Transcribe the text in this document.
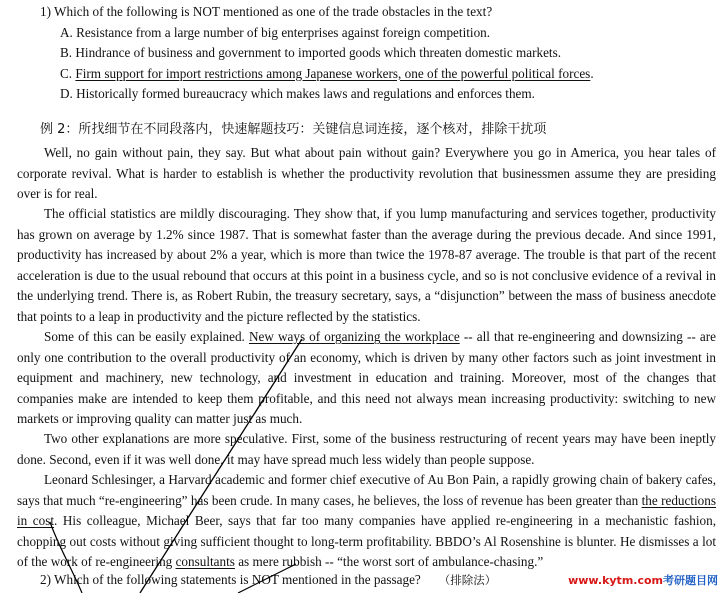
1) Which of the following is NOT mentioned as one of the trade obstacles in the text?
A. Resistance from a large number of big enterprises against foreign competition.
B. Hindrance of business and government to imported goods which threaten domestic markets.
C. Firm support for import restrictions among Japanese workers, one of the powerful political forces.
D. Historically formed bureaucracy which makes laws and regulations and enforces them.
例 2：所找细节在不同段落内，快速解题技巧：关键信息词连接，逐个核对，排除干扰项

Well, no gain without pain, they say. But what about pain without gain? Everywhere you go in America, you hear tales of corporate revival. What is harder to establish is whether the productivity revolution that businessmen assume they are presiding over is for real.

The official statistics are mildly discouraging. They show that, if you lump manufacturing and services together, productivity has grown on average by 1.2% since 1987. That is somewhat faster than the average during the previous decade. And since 1991, productivity has increased by about 2% a year, which is more than twice the 1978-87 average. The trouble is that part of the recent acceleration is due to the usual rebound that occurs at this point in a business cycle, and so is not conclusive evidence of a revival in the underlying trend. There is, as Robert Rubin, the treasury secretary, says, a “disjunction” between the mass of business anecdote that points to a leap in productivity and the picture reflected by the statistics.

Some of this can be easily explained. New ways of organizing the workplace -- all that re-engineering and downsizing -- are only one contribution to the overall productivity of an economy, which is driven by many other factors such as joint investment in equipment and machinery, new technology, and investment in education and training. Moreover, most of the changes that companies make are intended to keep them profitable, and this need not always mean increasing productivity: switching to new markets or improving quality can matter just as much.

Two other explanations are more speculative. First, some of the business restructuring of recent years may have been ineptly done. Second, even if it was well done, it may have spread much less widely than people suppose.

Leonard Schlesinger, a Harvard academic and former chief executive of Au Bon Pain, a rapidly growing chain of bakery cafes, says that much “re-engineering” has been crude. In many cases, he believes, the loss of revenue has been greater than the reductions in cost. His colleague, Michael Beer, says that far too many companies have applied re-engineering in a mechanistic fashion, chopping out costs without giving sufficient thought to long-term profitability. BBDO’s Al Rosenshine is blunter. He dismisses a lot of the work of re-engineering consultants as mere rubbish -- “the worst sort of ambulance-chasing.”

2) Which of the following statements is NOT mentioned in the passage? （排除法）	www.kytm.com考研题目网
